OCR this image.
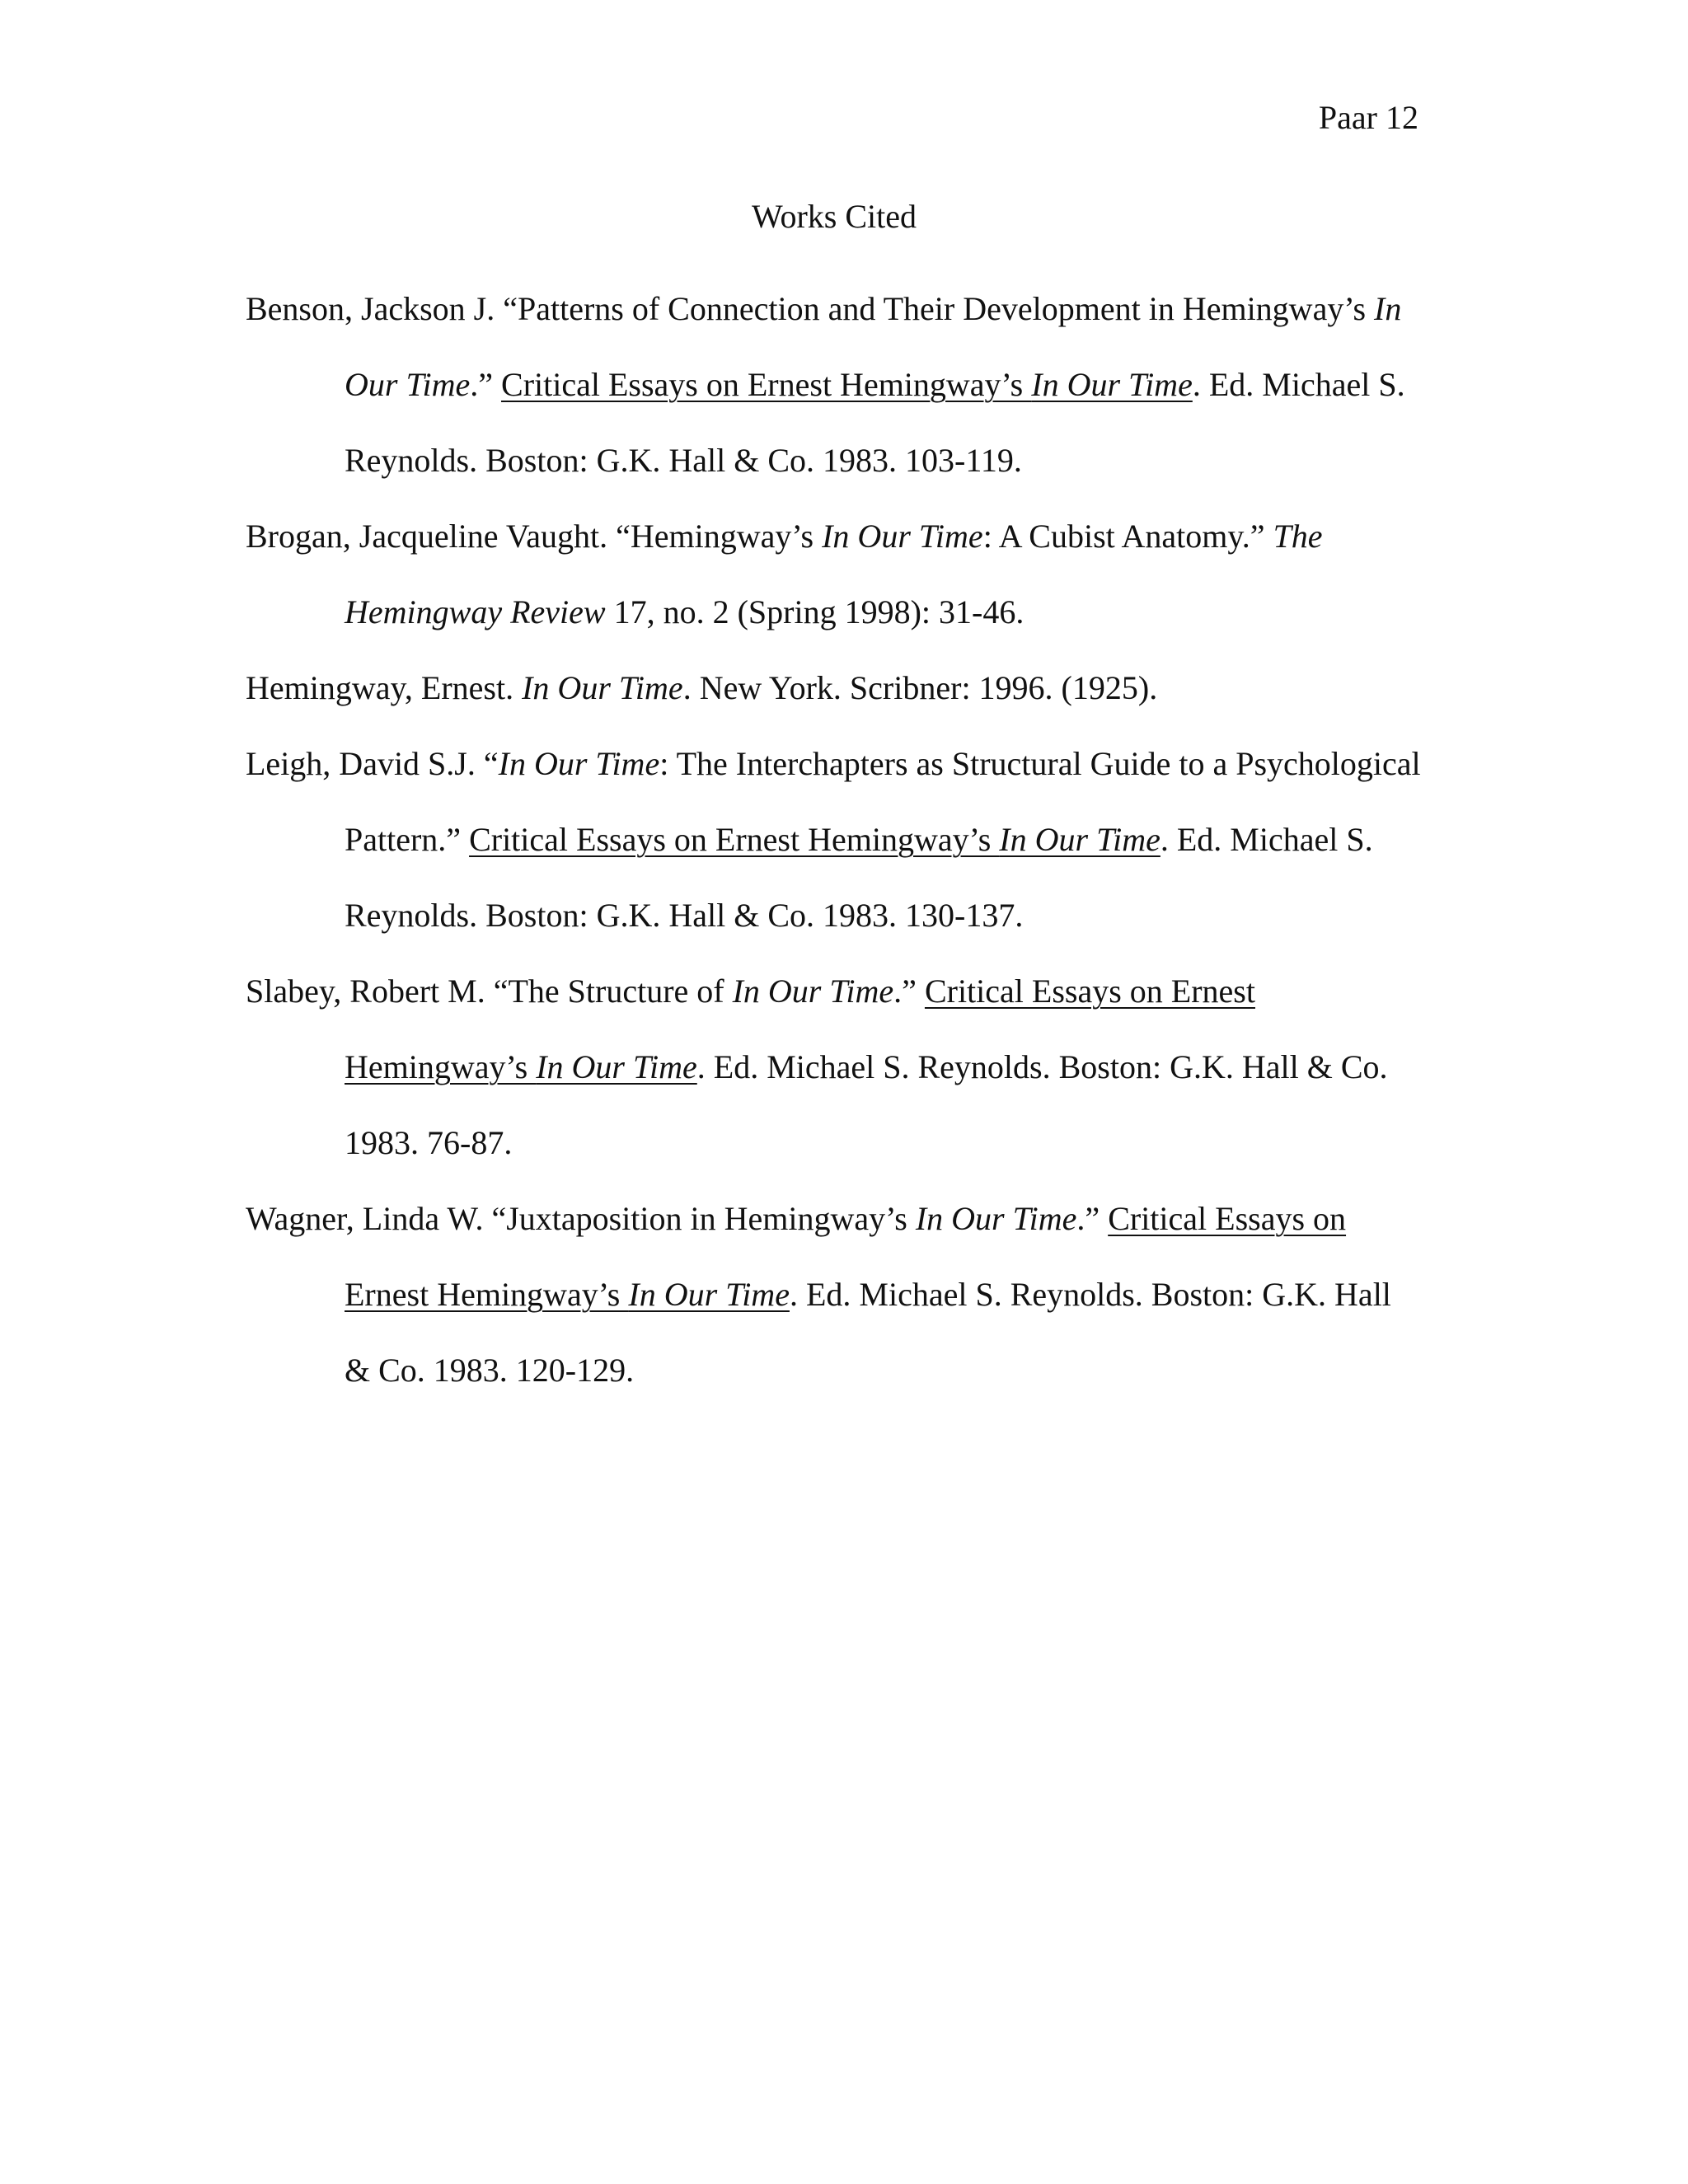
Paar 12
Works Cited
Benson, Jackson J. “Patterns of Connection and Their Development in Hemingway’s In
Our Time.” Critical Essays on Ernest Hemingway’s In Our Time. Ed. Michael S.
Reynolds. Boston: G.K. Hall & Co. 1983. 103-119.
Brogan, Jacqueline Vaught. “Hemingway’s In Our Time: A Cubist Anatomy.” The
Hemingway Review 17, no. 2 (Spring 1998): 31-46.
Hemingway, Ernest. In Our Time. New York. Scribner: 1996. (1925).
Leigh, David S.J. “In Our Time: The Interchapters as Structural Guide to a Psychological
Pattern.” Critical Essays on Ernest Hemingway’s In Our Time. Ed. Michael S.
Reynolds. Boston: G.K. Hall & Co. 1983. 130-137.
Slabey, Robert M. “The Structure of In Our Time.” Critical Essays on Ernest
Hemingway’s In Our Time. Ed. Michael S. Reynolds. Boston: G.K. Hall & Co.
1983. 76-87.
Wagner, Linda W. “Juxtaposition in Hemingway’s In Our Time.” Critical Essays on
Ernest Hemingway’s In Our Time. Ed. Michael S. Reynolds. Boston: G.K. Hall
& Co. 1983. 120-129.
